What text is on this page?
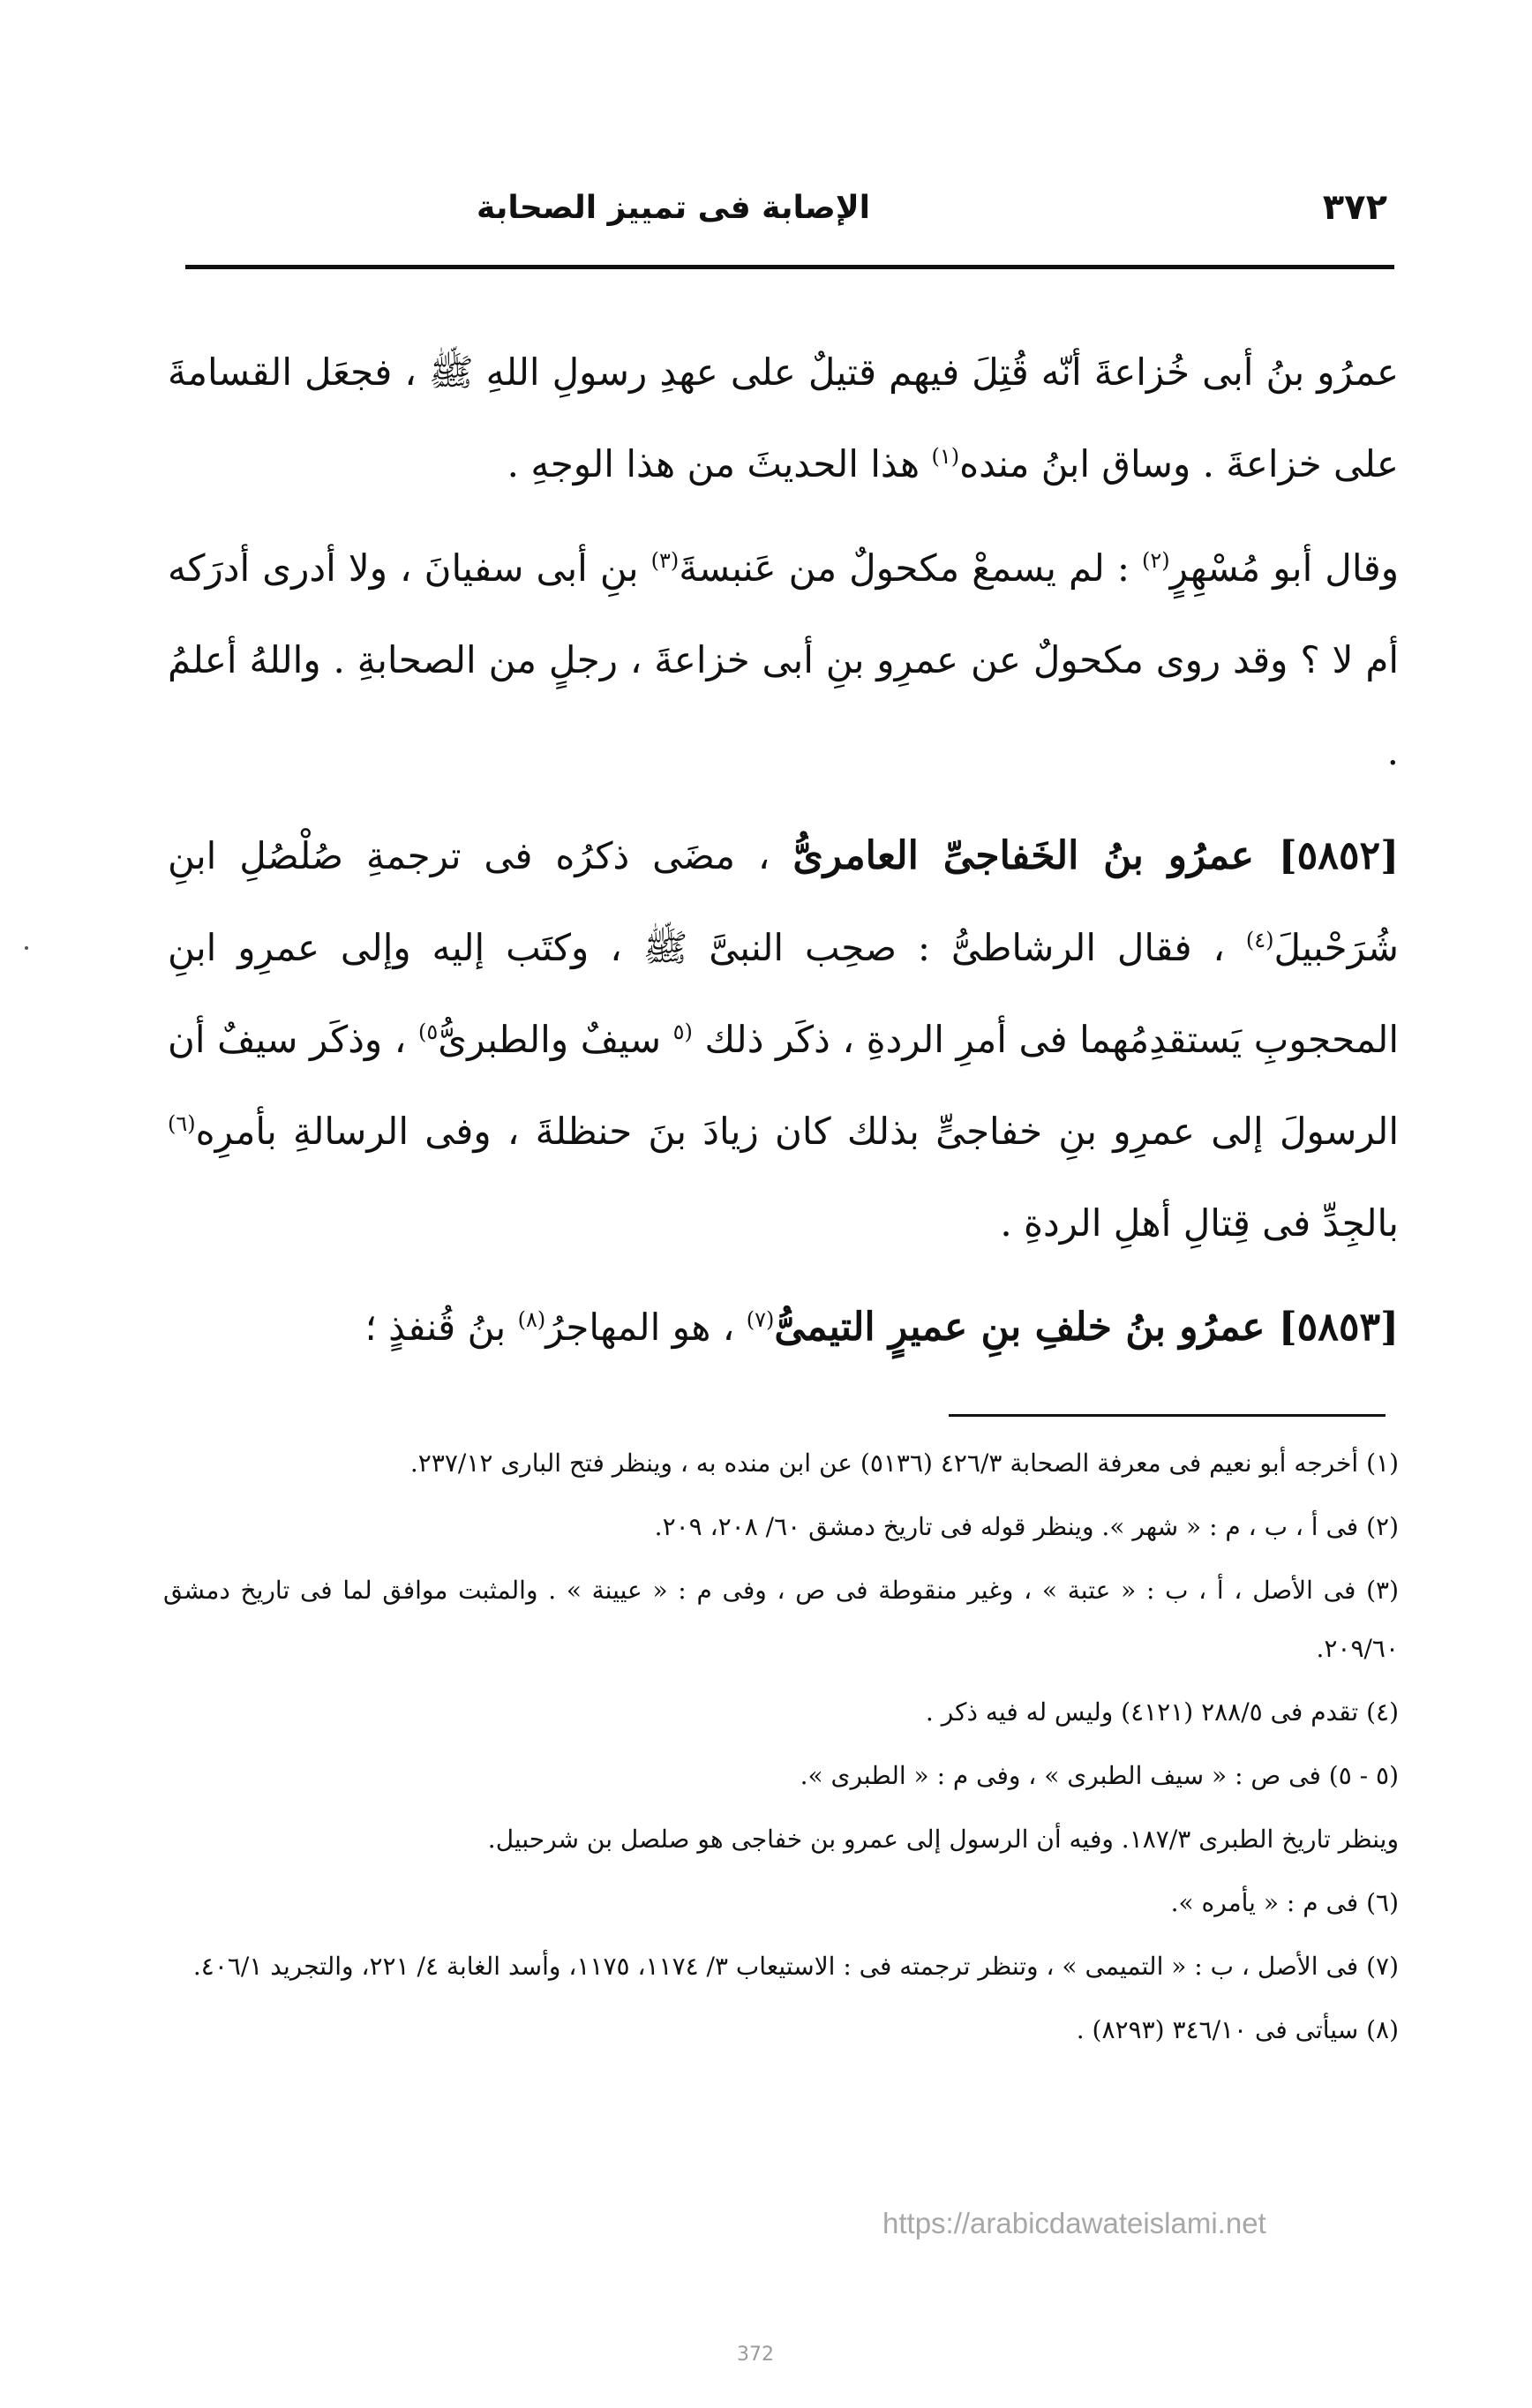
٣٧٢
الإصابة فى تمييز الصحابة

عمرُو بنُ أبى خُزاعةَ أنّه قُتِلَ فيهم قتيلٌ على عهدِ رسولِ اللهِ ﷺ ، فجعَل القسامةَ على خزاعةَ . وساق ابنُ منده$^{(١)}$ هذا الحديثَ من هذا الوجهِ .

وقال أبو مُسْهِرٍ$^{(٢)}$ : لم يسمعْ مكحولٌ من عَنبسةَ$^{(٣)}$ بنِ أبى سفيانَ ، ولا أدرى أدرَكه أم لا ؟ وقد روى مكحولٌ عن عمرِو بنِ أبى خزاعةَ ، رجلٍ من الصحابةِ . واللهُ أعلمُ .

[٥٨٥٢] عمرُو بنُ الخَفاجىِّ العامرىُّ ، مضَى ذكرُه فى ترجمةِ صُلْصُلِ ابنِ شُرَحْبيلَ$^{(٤)}$ ، فقال الرشاطىُّ : صحِب النبىَّ ﷺ ، وكتَب إليه وإلى عمرِو ابنِ المحجوبِ يَستقدِمُهما فى أمرِ الردةِ ، ذكَر ذلك $^{(٥}$ سيفٌ والطبرىُّ$^{٥)}$ ، وذكَر سيفٌ أن الرسولَ إلى عمرِو بنِ خفاجىٍّ بذلك كان زيادَ بنَ حنظلةَ ، وفى الرسالةِ بأمرِه$^{(٦)}$ بالجِدِّ فى قِتالِ أهلِ الردةِ .

[٥٨٥٣] عمرُو بنُ خلفِ بنِ عميرٍ التيمىُّ$^{(٧)}$ ، هو المهاجرُ$^{(٨)}$ بنُ قُنفذٍ ؛

(١) أخرجه أبو نعيم فى معرفة الصحابة ٤٢٦/٣ (٥١٣٦) عن ابن منده به ، وينظر فتح البارى ٢٣٧/١٢.

(٢) فى أ ، ب ، م : « شهر ». وينظر قوله فى تاريخ دمشق ٦٠/ ٢٠٨، ٢٠٩.

(٣) فى الأصل ، أ ، ب : « عتبة » ، وغير منقوطة فى ص ، وفى م : « عيينة » . والمثبت موافق لما فى تاريخ دمشق ٢٠٩/٦٠.

(٤) تقدم فى ٢٨٨/٥ (٤١٢١) وليس له فيه ذكر .

(٥ - ٥) فى ص : « سيف الطبرى » ، وفى م : « الطبرى ».

وينظر تاريخ الطبرى ١٨٧/٣. وفيه أن الرسول إلى عمرو بن خفاجى هو صلصل بن شرحبيل.

(٦) فى م : « يأمره ».

(٧) فى الأصل ، ب : « التميمى » ، وتنظر ترجمته فى : الاستيعاب ٣/ ١١٧٤، ١١٧٥، وأسد الغابة ٤/ ٢٢١، والتجريد ٤٠٦/١.

(٨) سيأتى فى ٣٤٦/١٠ (٨٢٩٣) .

https://arabicdawateislami.net
372
